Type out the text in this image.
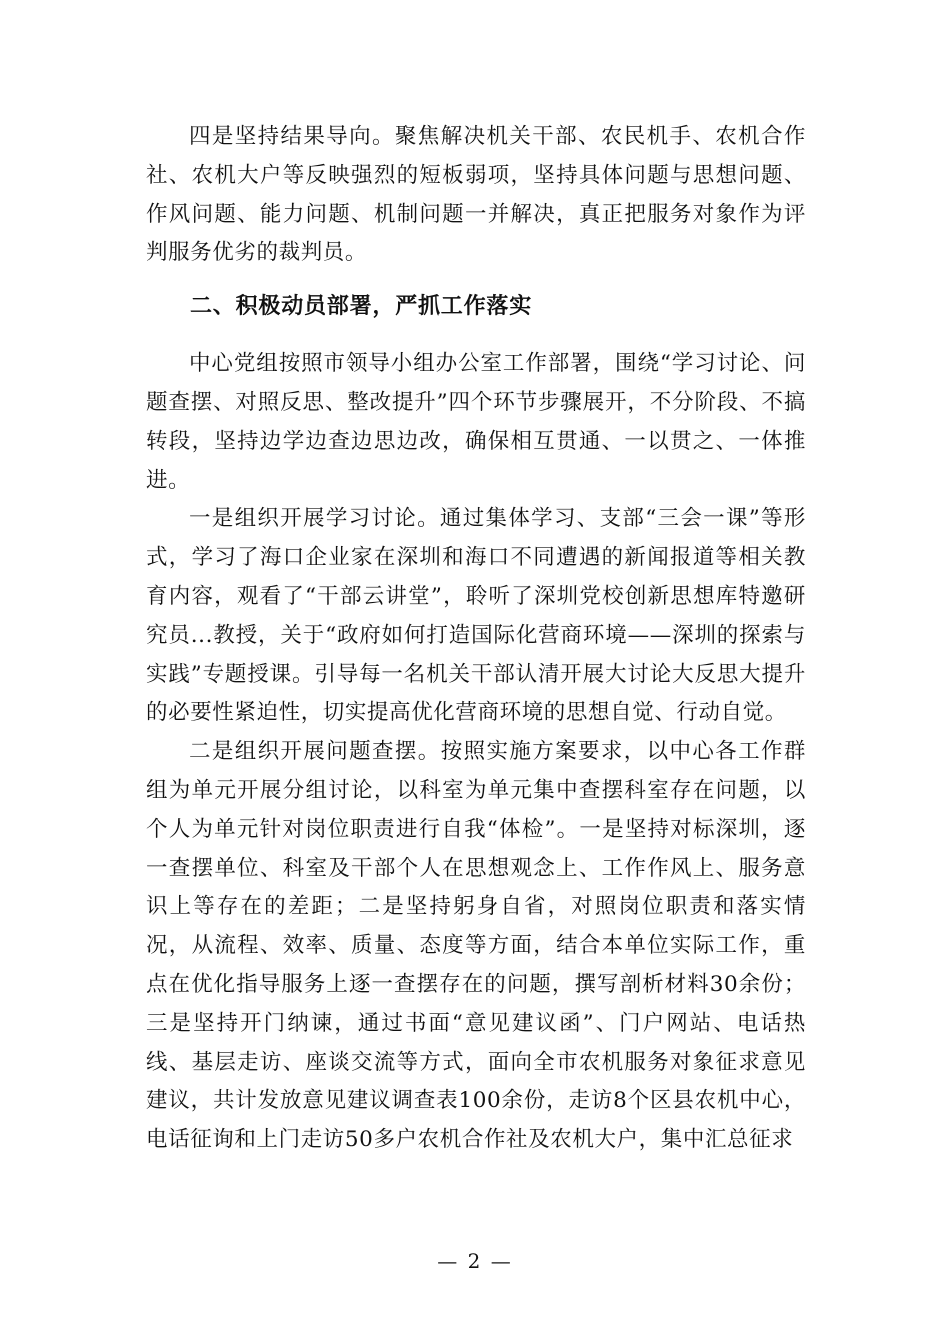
四是坚持结果导向。聚焦解决机关干部、农民机手、农机合作社、农机大户等反映强烈的短板弱项，坚持具体问题与思想问题、作风问题、能力问题、机制问题一并解决，真正把服务对象作为评判服务优劣的裁判员。

二、积极动员部署，严抓工作落实

中心党组按照市领导小组办公室工作部署，围绕“学习讨论、问题查摆、对照反思、整改提升”四个环节步骤展开，不分阶段、不搞转段，坚持边学边查边思边改，确保相互贯通、一以贯之、一体推进。

一是组织开展学习讨论。通过集体学习、支部“三会一课”等形式，学习了海口企业家在深圳和海口不同遭遇的新闻报道等相关教育内容，观看了“干部云讲堂”，聆听了深圳党校创新思想库特邀研究员...教授，关于“政府如何打造国际化营商环境——深圳的探索与实践”专题授课。引导每一名机关干部认清开展大讨论大反思大提升的必要性紧迫性，切实提高优化营商环境的思想自觉、行动自觉。

二是组织开展问题查摆。按照实施方案要求，以中心各工作群组为单元开展分组讨论，以科室为单元集中查摆科室存在问题，以个人为单元针对岗位职责进行自我“体检”。一是坚持对标深圳，逐一查摆单位、科室及干部个人在思想观念上、工作作风上、服务意识上等存在的差距；二是坚持躬身自省，对照岗位职责和落实情况，从流程、效率、质量、态度等方面，结合本单位实际工作，重点在优化指导服务上逐一查摆存在的问题，撰写剖析材料30余份；三是坚持开门纳谏，通过书面“意见建议函”、门户网站、电话热线、基层走访、座谈交流等方式，面向全市农机服务对象征求意见建议，共计发放意见建议调查表100余份，走访8个区县农机中心，电话征询和上门走访50多户农机合作社及农机大户，集中汇总征求

— 2 —
